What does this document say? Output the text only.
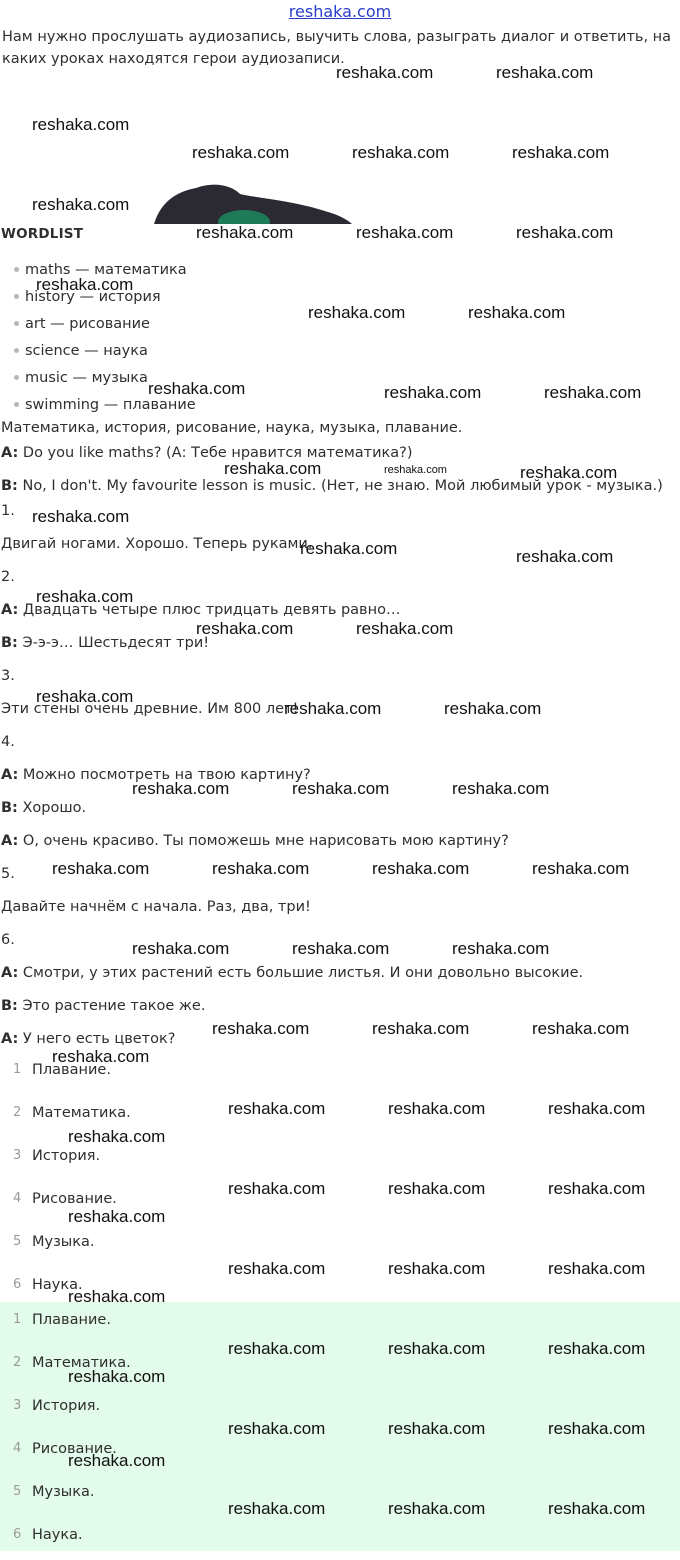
reshaka.com
Нам нужно прослушать аудиозапись, выучить слова, разыграть диалог и ответить, на каких уроках находятся герои аудиозаписи.
WORDLIST
maths — математика
history — история
art — рисование
science — наука
music — музыка
swimming — плавание
Математика, история, рисование, наука, музыка, плавание.
A: Do you like maths? (А: Тебе нравится математика?)
B: No, I don't. My favourite lesson is music. (Нет, не знаю. Мой любимый урок - музыка.)
1.
Двигай ногами. Хорошо. Теперь руками.
2.
A: Двадцать четыре плюс тридцать девять равно…
B: Э-э-э… Шестьдесят три!
3.
Эти стены очень древние. Им 800 лет!
4.
A: Можно посмотреть на твою картину?
B: Хорошо.
A: О, очень красиво. Ты поможешь мне нарисовать мою картину?
5.
Давайте начнём с начала. Раз, два, три!
6.
A: Смотри, у этих растений есть большие листья. И они довольно высокие.
B: Это растение такое же.
A: У него есть цветок?
1 Плавание.
2 Математика.
3 История.
4 Рисование.
5 Музыка.
6 Наука.
1 Плавание.
2 Математика.
3 История.
4 Рисование.
5 Музыка.
6 Наука.
reshaka.com	reshaka.com
reshaka.com
reshaka.com	reshaka.com	reshaka.com
reshaka.com
reshaka.com	reshaka.com	reshaka.com
reshaka.com
reshaka.com	reshaka.com
reshaka.com	reshaka.com	reshaka.com
reshaka.com	reshaka.com	reshaka.com
reshaka.com
reshaka.com	reshaka.com
reshaka.com
reshaka.com	reshaka.com
reshaka.com
reshaka.com	reshaka.com
reshaka.com	reshaka.com	reshaka.com
reshaka.com	reshaka.com	reshaka.com	reshaka.com
reshaka.com	reshaka.com	reshaka.com
reshaka.com	reshaka.com	reshaka.com
reshaka.com
reshaka.com	reshaka.com	reshaka.com
reshaka.com
reshaka.com	reshaka.com	reshaka.com
reshaka.com
reshaka.com	reshaka.com	reshaka.com
reshaka.com
reshaka.com	reshaka.com	reshaka.com
reshaka.com
reshaka.com	reshaka.com	reshaka.com
reshaka.com
reshaka.com	reshaka.com	reshaka.com
